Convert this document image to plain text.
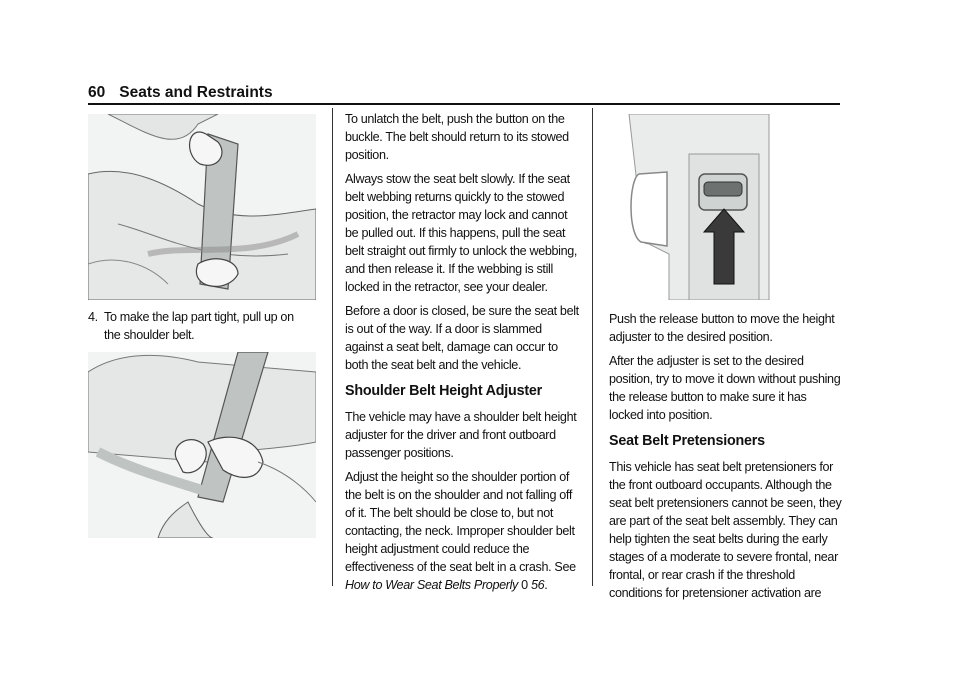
60 Seats and Restraints
4. To make the lap part tight, pull up on the shoulder belt.

To unlatch the belt, push the button on the buckle. The belt should return to its stowed position.

Always stow the seat belt slowly. If the seat belt webbing returns quickly to the stowed position, the retractor may lock and cannot be pulled out. If this happens, pull the seat belt straight out firmly to unlock the webbing, and then release it. If the webbing is still locked in the retractor, see your dealer.

Before a door is closed, be sure the seat belt is out of the way. If a door is slammed against a seat belt, damage can occur to both the seat belt and the vehicle.

Shoulder Belt Height Adjuster

The vehicle may have a shoulder belt height adjuster for the driver and front outboard passenger positions.

Adjust the height so the shoulder portion of the belt is on the shoulder and not falling off of it. The belt should be close to, but not contacting, the neck. Improper shoulder belt height adjustment could reduce the effectiveness of the seat belt in a crash. See How to Wear Seat Belts Properly 0 56.

Push the release button to move the height adjuster to the desired position.

After the adjuster is set to the desired position, try to move it down without pushing the release button to make sure it has locked into position.

Seat Belt Pretensioners

This vehicle has seat belt pretensioners for the front outboard occupants. Although the seat belt pretensioners cannot be seen, they are part of the seat belt assembly. They can help tighten the seat belts during the early stages of a moderate to severe frontal, near frontal, or rear crash if the threshold conditions for pretensioner activation are
